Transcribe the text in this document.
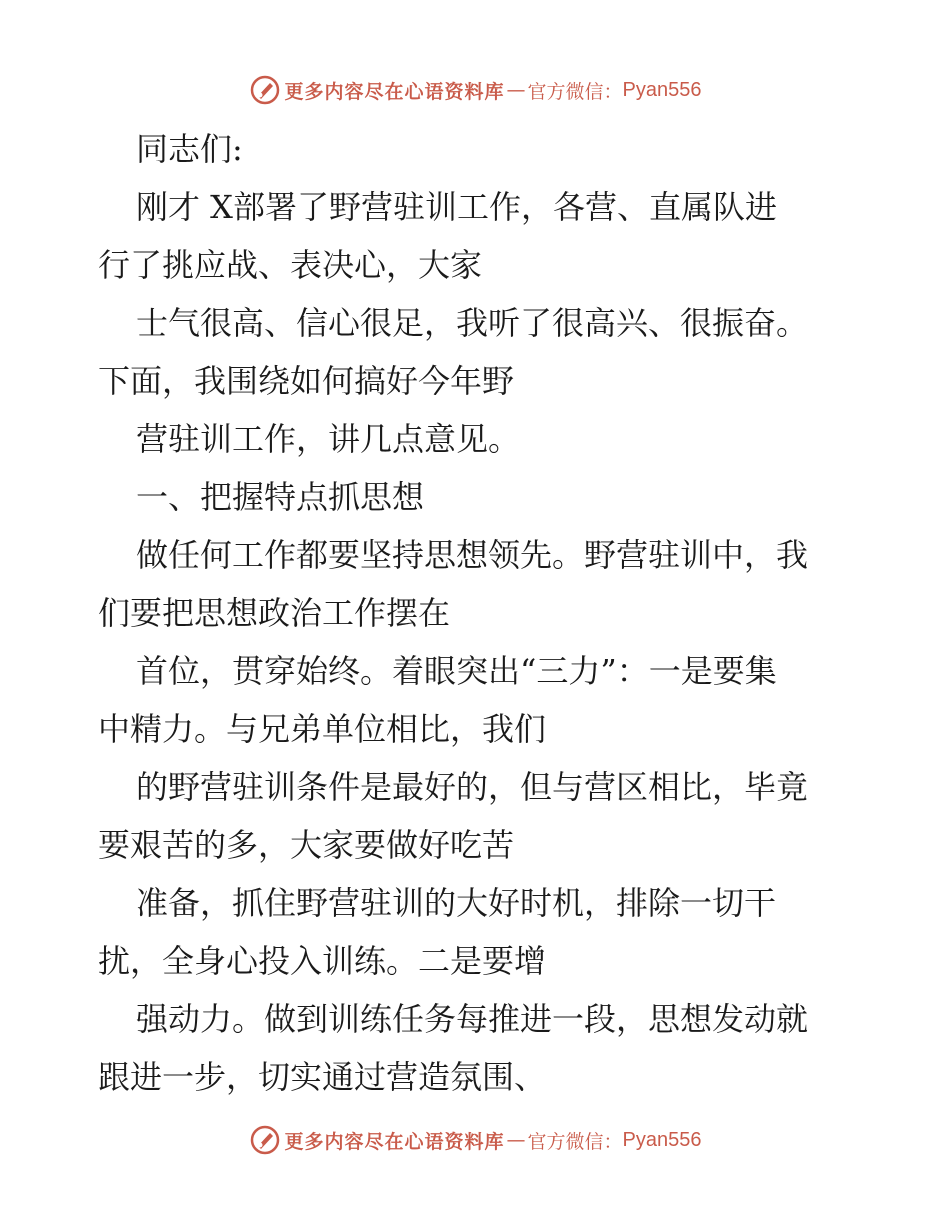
更多内容尽在心语资料库 — 官方微信： Pyan556
同志们:
刚才 X部署了野营驻训工作，各营、直属队进
行了挑应战、表决心，大家
士气很高、信心很足，我听了很高兴、很振奋。
下面，我围绕如何搞好今年野
营驻训工作，讲几点意见。
一、把握特点抓思想
做任何工作都要坚持思想领先。野营驻训中，我
们要把思想政治工作摆在
首位，贯穿始终。着眼突出“三力”：一是要集
中精力。与兄弟单位相比，我们
的野营驻训条件是最好的，但与营区相比，毕竟
要艰苦的多，大家要做好吃苦
准备，抓住野营驻训的大好时机，排除一切干
扰，全身心投入训练。二是要增
强动力。做到训练任务每推进一段，思想发动就
跟进一步，切实通过营造氛围、
更多内容尽在心语资料库 — 官方微信： Pyan556
